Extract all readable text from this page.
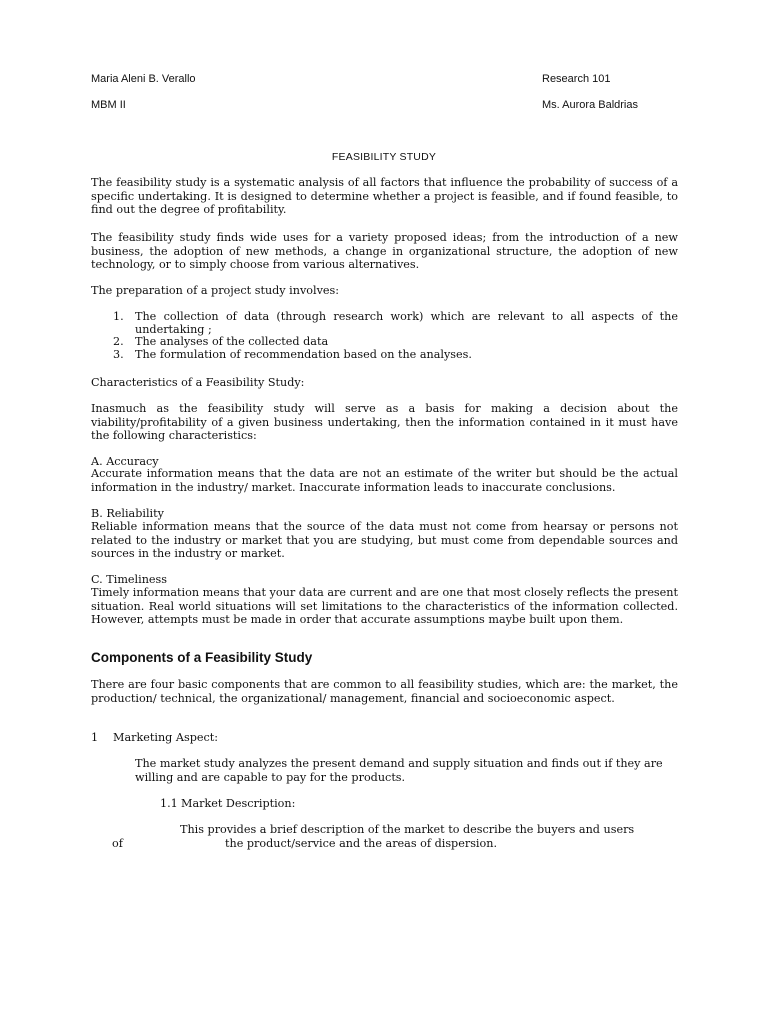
Maria Aleni B. Verallo	Research 101
MBM II	Ms. Aurora Baldrias
FEASIBILITY STUDY
The feasibility study is a systematic analysis of all factors that influence the probability of success of a specific undertaking. It is designed to determine whether a project is feasible, and if found feasible, to find out the degree of profitability.
The feasibility study finds wide uses for a variety proposed ideas; from the introduction of a new business, the adoption of new methods, a change in organizational structure, the adoption of new technology, or to simply choose from various alternatives.
The preparation of a project study involves:
1. The collection of data (through research work) which are relevant to all aspects of the undertaking ;
2. The analyses of the collected data
3. The formulation of recommendation based on the analyses.
Characteristics of a Feasibility Study:
Inasmuch as the feasibility study will serve as a basis for making a decision about the viability/profitability of a given business undertaking, then the information contained in it must have the following characteristics:
A. Accuracy
Accurate information means that the data are not an estimate of the writer but should be the actual information in the industry/ market. Inaccurate information leads to inaccurate conclusions.
B. Reliability
Reliable information means that the source of the data must not come from hearsay or persons not related to the industry or market that you are studying, but must come from dependable sources and sources in the industry or market.
C. Timeliness
Timely information means that your data are current and are one that most closely reflects the present situation. Real world situations will set limitations to the characteristics of the information collected. However, attempts must be made in order that accurate assumptions maybe built upon them.
Components of a Feasibility Study
There are four basic components that are common to all feasibility studies, which are: the market, the production/ technical, the organizational/ management, financial and socioeconomic aspect.
1 Marketing Aspect:
The market study analyzes the present demand and supply situation and finds out if they are willing and are capable to pay for the products.
1.1 Market Description:
This provides a brief description of the market to describe the buyers and users
of	the product/service and the areas of dispersion.
